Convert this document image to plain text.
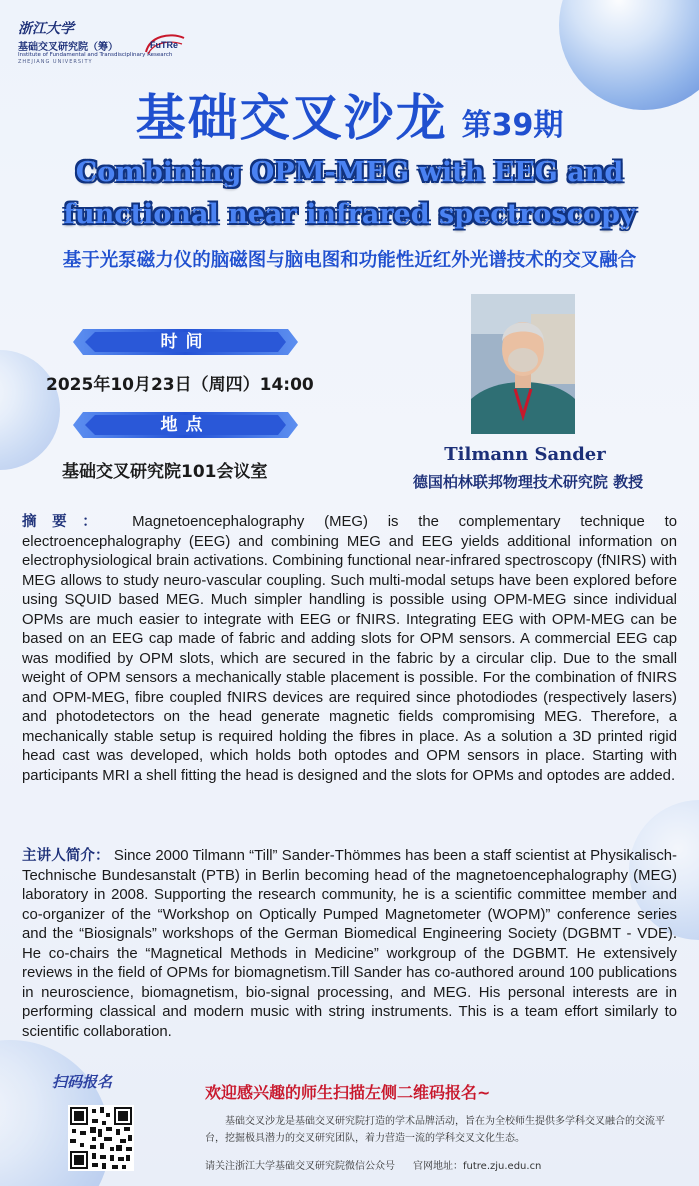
浙江大学
基础交叉研究院（筹）
Institute of Fundamental and Transdisciplinary Research
ZHEJIANG UNIVERSITY
FuTRe
基础交叉沙龙 第39期
Combining OPM-MEG with EEG and
functional near infrared spectroscopy
基于光泵磁力仪的脑磁图与脑电图和功能性近红外光谱技术的交叉融合
时间
2025年10月23日（周四）14:00
地点
基础交叉研究院101会议室
Tilmann Sander
德国柏林联邦物理技术研究院 教授
摘要： Magnetoencephalography (MEG) is the complementary technique to electroencephalography (EEG) and combining MEG and EEG yields additional information on electrophysiological brain activations. Combining functional near-infrared spectroscopy (fNIRS) with MEG allows to study neuro-vascular coupling. Such multi-modal setups have been explored before using SQUID based MEG. Much simpler handling is possible using OPM-MEG since individual OPMs are much easier to integrate with EEG or fNIRS. Integrating EEG with OPM-MEG can be based on an EEG cap made of fabric and adding slots for OPM sensors. A commercial EEG cap was modified by OPM slots, which are secured in the fabric by a circular clip. Due to the small weight of OPM sensors a mechanically stable placement is possible. For the combination of fNIRS and OPM-MEG, fibre coupled fNIRS devices are required since photodiodes (respectively lasers) and photodetectors on the head generate magnetic fields compromising MEG. Therefore, a mechanically stable setup is required holding the fibres in place. As a solution a 3D printed rigid head cast was developed, which holds both optodes and OPM sensors in place. Starting with participants MRI a shell fitting the head is designed and the slots for OPMs and optodes are added.
主讲人简介： Since 2000 Tilmann “Till” Sander-Thömmes has been a staff scientist at Physikalisch-Technische Bundesanstalt (PTB) in Berlin becoming head of the magnetoencephalography (MEG) laboratory in 2008. Supporting the research community, he is a scientific committee member and co-organizer of the “Workshop on Optically Pumped Magnetometer (WOPM)” conference series and the “Biosignals” workshops of the German Biomedical Engineering Society (DGBMT - VDE). He co-chairs the “Magnetical Methods in Medicine” workgroup of the DGBMT. He extensively reviews in the field of OPMs for biomagnetism.Till Sander has co-authored around 100 publications in neuroscience, biomagnetism, bio-signal processing, and MEG. His personal interests are in performing classical and modern music with string instruments. This is a team effort similarly to scientific collaboration.
扫码报名
欢迎感兴趣的师生扫描左侧二维码报名~
基础交叉沙龙是基础交叉研究院打造的学术品牌活动，旨在为全校师生提供多学科交叉融合的交流平台，挖掘极具潜力的交叉研究团队，着力营造一流的学科交叉文化生态。
请关注浙江大学基础交叉研究院微信公众号 官网地址：futre.zju.edu.cn
